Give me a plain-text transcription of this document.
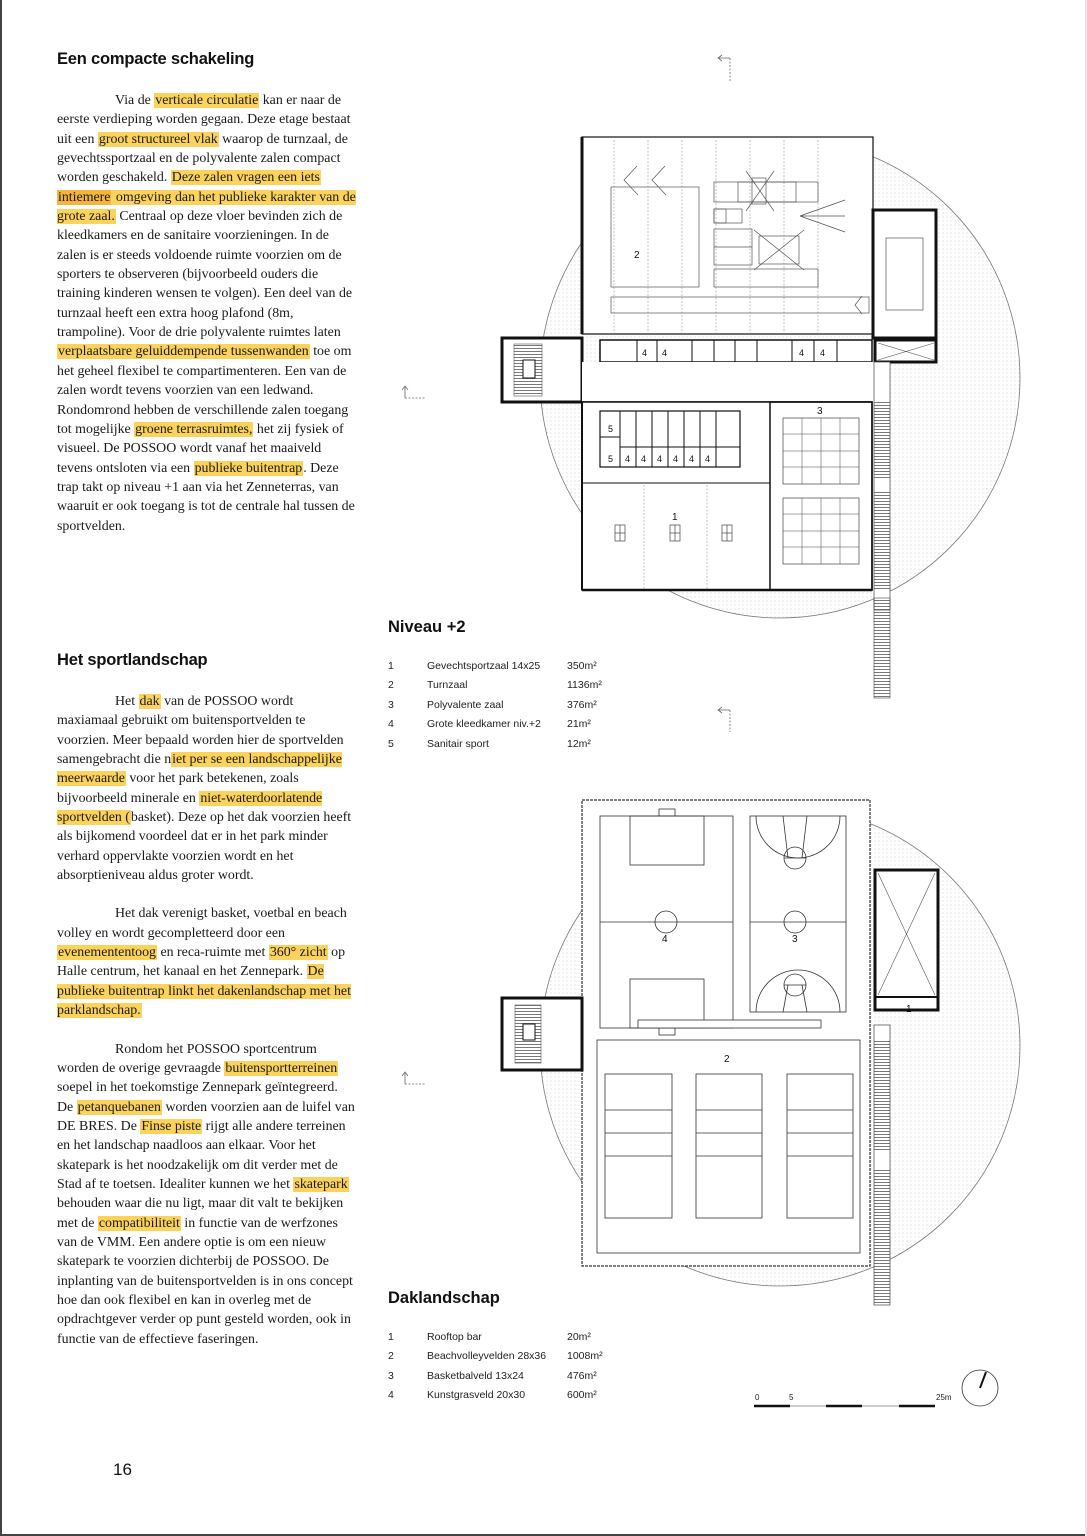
Een compacte schakeling

Via de verticale circulatie kan er naar de eerste verdieping worden gegaan. Deze etage bestaat uit een groot structureel vlak waarop de turnzaal, de gevechtssportzaal en de polyvalente zalen compact worden geschakeld. Deze zalen vragen een iets intiemere omgeving dan het publieke karakter van de grote zaal. Centraal op deze vloer bevinden zich de kleedkamers en de sanitaire voorzieningen. In de zalen is er steeds voldoende ruimte voorzien om de sporters te observeren (bijvoorbeeld ouders die training kinderen wensen te volgen). Een deel van de turnzaal heeft een extra hoog plafond (8m, trampoline). Voor de drie polyvalente ruimtes laten verplaatsbare geluiddempende tussenwanden toe om het geheel flexibel te compartimenteren. Een van de zalen wordt tevens voorzien van een ledwand. Rondomrond hebben de verschillende zalen toegang tot mogelijke groene terrasruimtes, het zij fysiek of visueel. De POSSOO wordt vanaf het maaiveld tevens ontsloten via een publieke buitentrap. Deze trap takt op niveau +1 aan via het Zenneterras, van waaruit er ook toegang is tot de centrale hal tussen de sportvelden.

Het sportlandschap

Het dak van de POSSOO wordt maxiamaal gebruikt om buitensportvelden te voorzien. Meer bepaald worden hier de sportvelden samengebracht die niet per se een landschappelijke meerwaarde voor het park betekenen, zoals bijvoorbeeld minerale en niet-waterdoorlatende sportvelden (basket). Deze op het dak voorzien heeft als bijkomend voordeel dat er in het park minder verhard oppervlakte voorzien wordt en het absorptieniveau aldus groter wordt.

Het dak verenigt basket, voetbal en beach volley en wordt gecompletteerd door een evenemententoog en reca-ruimte met 360° zicht op Halle centrum, het kanaal en het Zennepark. De publieke buitentrap linkt het dakenlandschap met het parklandschap.

Rondom het POSSOO sportcentrum worden de overige gevraagde buitensportterreinen soepel in het toekomstige Zennepark geïntegreerd. De petanquebanen worden voorzien aan de luifel van DE BRES. De Finse piste rijgt alle andere terreinen en het landschap naadloos aan elkaar. Voor het skatepark is het noodzakelijk om dit verder met de Stad af te toetsen. Idealiter kunnen we het skatepark behouden waar die nu ligt, maar dit valt te bekijken met de compatibiliteit in functie van de werfzones van de VMM. Een andere optie is om een nieuw skatepark te voorzien dichterbij de POSSOO. De inplanting van de buitensportvelden is in ons concept hoe dan ook flexibel en kan in overleg met de opdrachtgever verder op punt gesteld worden, ook in functie van de effectieve faseringen.

Niveau +2
1	Gevechtsportzaal 14x25	350m²
2	Turnzaal	1136m²
3	Polyvalente zaal	376m²
4	Grote kleedkamer niv.+2	21m²
5	Sanitair sport	12m²
Daklandschap
1	Rooftop bar	20m²
2	Beachvolleyvelden 28x36	1008m²
3	Basketbalveld 13x24	476m²
4	Kunstgrasveld 20x30	600m²
16
2
4 4	4 4
5
5 4 4 4 4 4 4
1
3
4	3
2
1
0	5	25m
